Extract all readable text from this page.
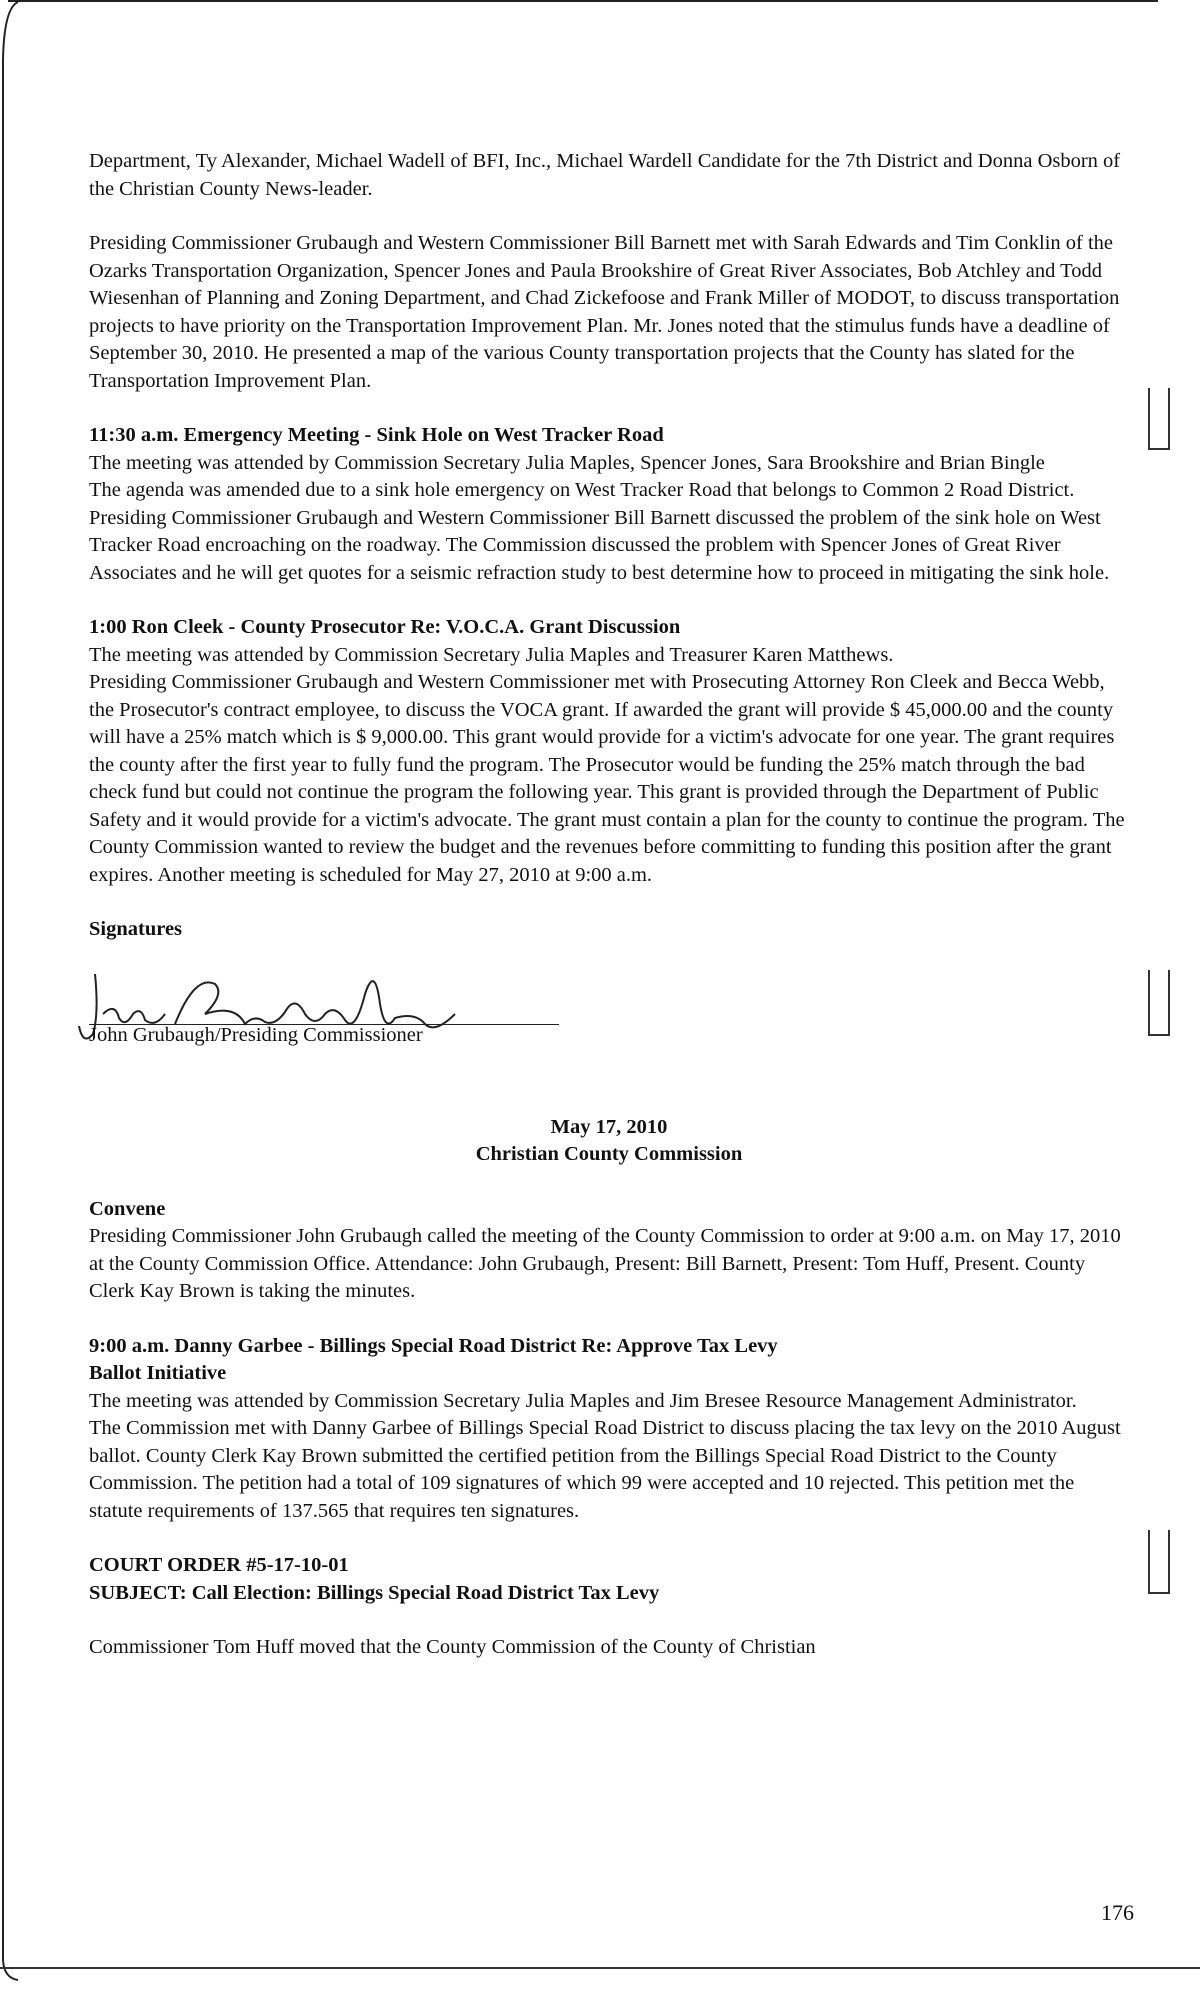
Department, Ty Alexander, Michael Wadell of BFI, Inc., Michael Wardell Candidate for the 7th District and Donna Osborn of the Christian County News-leader.

Presiding Commissioner Grubaugh and Western Commissioner Bill Barnett met with Sarah Edwards and Tim Conklin of the Ozarks Transportation Organization, Spencer Jones and Paula Brookshire of Great River Associates, Bob Atchley and Todd Wiesenhan of Planning and Zoning Department, and Chad Zickefoose and Frank Miller of MODOT, to discuss transportation projects to have priority on the Transportation Improvement Plan. Mr. Jones noted that the stimulus funds have a deadline of September 30, 2010. He presented a map of the various County transportation projects that the County has slated for the Transportation Improvement Plan.

11:30 a.m. Emergency Meeting - Sink Hole on West Tracker Road

The meeting was attended by Commission Secretary Julia Maples, Spencer Jones, Sara Brookshire and Brian Bingle

The agenda was amended due to a sink hole emergency on West Tracker Road that belongs to Common 2 Road District. Presiding Commissioner Grubaugh and Western Commissioner Bill Barnett discussed the problem of the sink hole on West Tracker Road encroaching on the roadway. The Commission discussed the problem with Spencer Jones of Great River Associates and he will get quotes for a seismic refraction study to best determine how to proceed in mitigating the sink hole.

1:00 Ron Cleek - County Prosecutor Re: V.O.C.A. Grant Discussion

The meeting was attended by Commission Secretary Julia Maples and Treasurer Karen Matthews.

Presiding Commissioner Grubaugh and Western Commissioner met with Prosecuting Attorney Ron Cleek and Becca Webb, the Prosecutor's contract employee, to discuss the VOCA grant. If awarded the grant will provide $ 45,000.00 and the county will have a 25% match which is $ 9,000.00. This grant would provide for a victim's advocate for one year. The grant requires the county after the first year to fully fund the program. The Prosecutor would be funding the 25% match through the bad check fund but could not continue the program the following year. This grant is provided through the Department of Public Safety and it would provide for a victim's advocate. The grant must contain a plan for the county to continue the program. The County Commission wanted to review the budget and the revenues before committing to funding this position after the grant expires. Another meeting is scheduled for May 27, 2010 at 9:00 a.m.

Signatures

John Grubaugh/Presiding Commissioner

May 17, 2010

Christian County Commission

Convene

Presiding Commissioner John Grubaugh called the meeting of the County Commission to order at 9:00 a.m. on May 17, 2010 at the County Commission Office. Attendance: John Grubaugh, Present: Bill Barnett, Present: Tom Huff, Present. County Clerk Kay Brown is taking the minutes.

9:00 a.m. Danny Garbee - Billings Special Road District Re: Approve Tax Levy

Ballot Initiative

The meeting was attended by Commission Secretary Julia Maples and Jim Bresee Resource Management Administrator.

The Commission met with Danny Garbee of Billings Special Road District to discuss placing the tax levy on the 2010 August ballot. County Clerk Kay Brown submitted the certified petition from the Billings Special Road District to the County Commission. The petition had a total of 109 signatures of which 99 were accepted and 10 rejected. This petition met the statute requirements of 137.565 that requires ten signatures.

COURT ORDER #5-17-10-01

SUBJECT: Call Election: Billings Special Road District Tax Levy

Commissioner Tom Huff moved that the County Commission of the County of Christian

176
